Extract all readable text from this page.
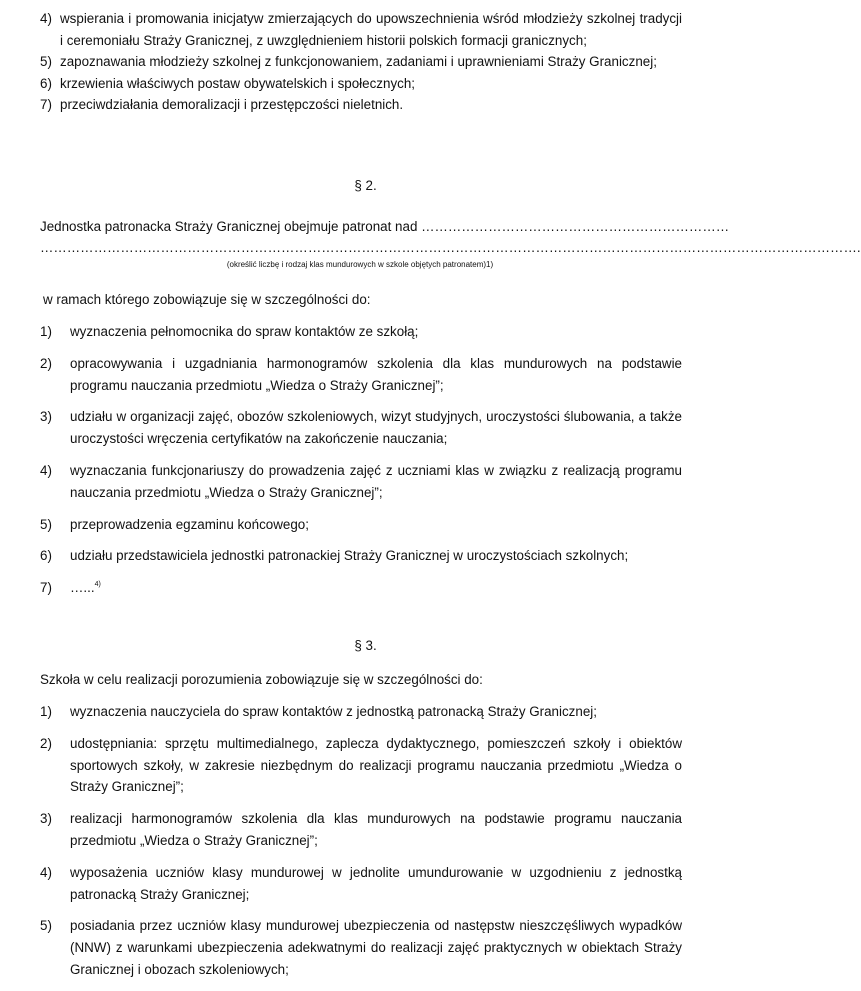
4) wspierania i promowania inicjatyw zmierzających do upowszechnienia wśród młodzieży szkolnej tradycji i ceremoniału Straży Granicznej, z uwzględnieniem historii polskich formacji granicznych;
5) zapoznawania młodzieży szkolnej z funkcjonowaniem, zadaniami i uprawnieniami Straży Granicznej;
6) krzewienia właściwych postaw obywatelskich i społecznych;
7) przeciwdziałania demoralizacji i przestępczości nieletnich.
§ 2.
Jednostka patronacka Straży Granicznej obejmuje patronat nad ……………………………………………………………
………………………………………………………………………………………………………………………………………………………………….
(określić liczbę i rodzaj klas mundurowych w szkole objętych patronatem)1)
w ramach którego zobowiązuje się w szczególności do:
1)	wyznaczenia pełnomocnika do spraw kontaktów ze szkołą;
2)	opracowywania i uzgadniania harmonogramów szkolenia dla klas mundurowych na podstawie programu nauczania przedmiotu „Wiedza o Straży Granicznej”;
3)	udziału w organizacji zajęć, obozów szkoleniowych, wizyt studyjnych, uroczystości ślubowania, a także uroczystości wręczenia certyfikatów na zakończenie nauczania;
4)	wyznaczania funkcjonariuszy do prowadzenia zajęć z uczniami klas w związku z realizacją programu nauczania przedmiotu „Wiedza o Straży Granicznej”;
5)	przeprowadzenia egzaminu końcowego;
6)	udziału przedstawiciela jednostki patronackiej Straży Granicznej w uroczystościach szkolnych;
7)	…...$^{4)}$
§ 3.
Szkoła w celu realizacji porozumienia zobowiązuje się w szczególności do:
1)	wyznaczenia nauczyciela do spraw kontaktów z jednostką patronacką Straży Granicznej;
2)	udostępniania: sprzętu multimedialnego, zaplecza dydaktycznego, pomieszczeń szkoły i obiektów sportowych szkoły, w zakresie niezbędnym do realizacji programu nauczania przedmiotu „Wiedza o Straży Granicznej”;
3)	realizacji harmonogramów szkolenia dla klas mundurowych na podstawie programu nauczania przedmiotu „Wiedza o Straży Granicznej”;
4)	wyposażenia uczniów klasy mundurowej w jednolite umundurowanie w uzgodnieniu z jednostką patronacką Straży Granicznej;
5)	posiadania przez uczniów klasy mundurowej ubezpieczenia od następstw nieszczęśliwych wypadków (NNW) z warunkami ubezpieczenia adekwatnymi do realizacji zajęć praktycznych w obiektach Straży Granicznej i obozach szkoleniowych;
